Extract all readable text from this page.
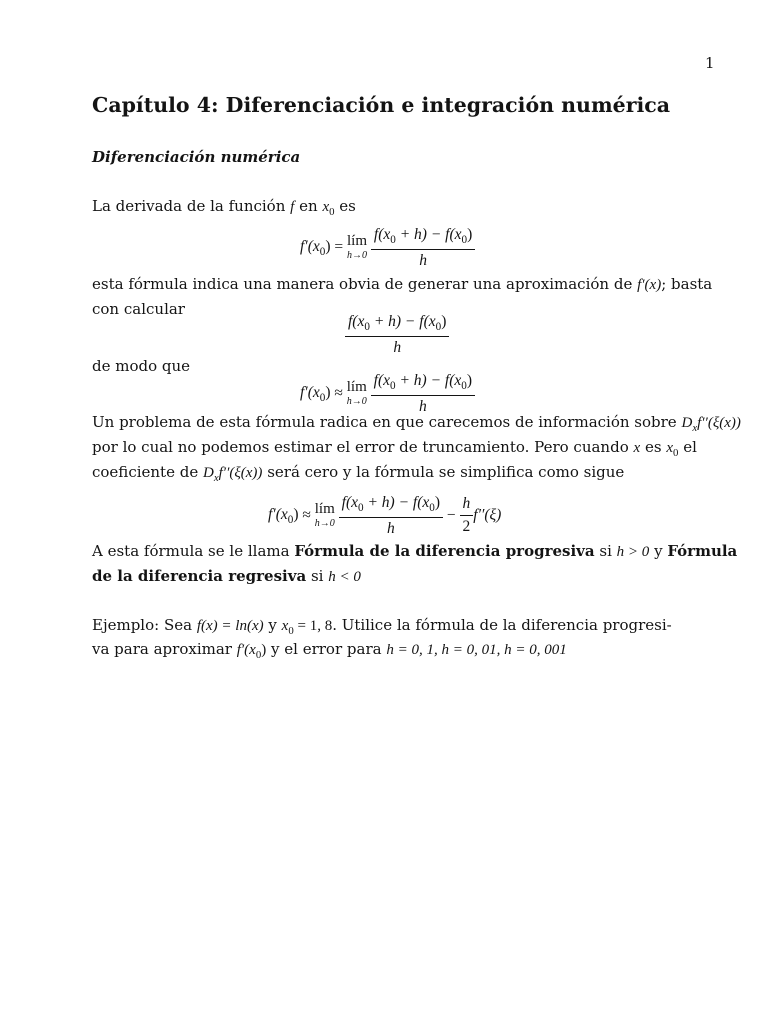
1
Capítulo 4: Diferenciación e integración numérica
Diferenciación numérica
La derivada de la función f en $x_0$ es
$f'(x_0)$ = lím
h→0
$\frac{f(x_0 + h) - f(x_0)}{h}$
esta fórmula indica una manera obvia de generar una aproximación de f′(x); basta
con calcular
$\frac{f(x_0 + h) - f(x_0)}{h}$
de modo que
$f'(x_0)$ ≈ lím
h→0
$\frac{f(x_0 + h) - f(x_0)}{h}$
Un problema de esta fórmula radica en que carecemos de información sobre $D_xf''(\xi(x))$
por lo cual no podemos estimar el error de truncamiento. Pero cuando x es $x_0$ el
coeficiente de $D_xf''(\xi(x))$ será cero y la fórmula se simplifica como sigue
$f'(x_0)$ ≈ lím
h→0
$\frac{f(x_0 + h) - f(x_0)}{h} - \frac{h}{2} f''(\xi)$
A esta fórmula se le llama Fórmula de la diferencia progresiva si h > 0 y Fórmula
de la diferencia regresiva si h < 0
Ejemplo: Sea f(x) = ln(x) y $x_0 = 1$, 8. Utilice la fórmula de la diferencia progresi-
va para aproximar $f'(x_0)$ y el error para h = 0, 1, h = 0, 01, h = 0, 001
